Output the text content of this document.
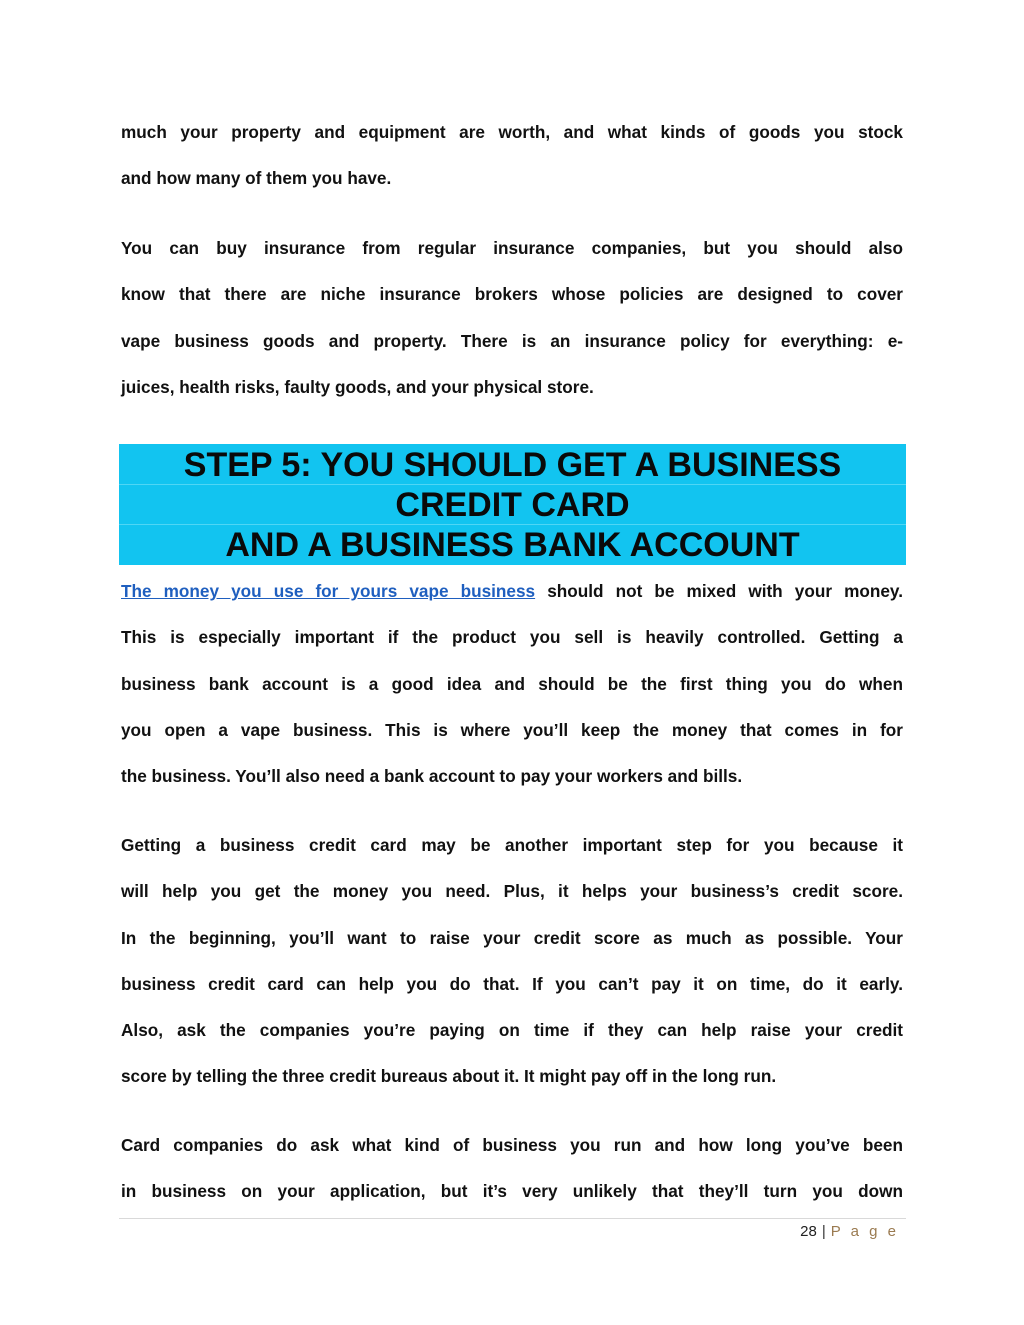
much your property and equipment are worth, and what kinds of goods you stock
and how many of them you have.
You can buy insurance from regular insurance companies, but you should also
know that there are niche insurance brokers whose policies are designed to cover
vape business goods and property. There is an insurance policy for everything: e-
juices, health risks, faulty goods, and your physical store.
STEP 5: YOU SHOULD GET A BUSINESS
CREDIT CARD
AND A BUSINESS BANK ACCOUNT
The money you use for yours vape business should not be mixed with your money.
This is especially important if the product you sell is heavily controlled. Getting a
business bank account is a good idea and should be the first thing you do when
you open a vape business. This is where you’ll keep the money that comes in for
the business. You’ll also need a bank account to pay your workers and bills.
Getting a business credit card may be another important step for you because it
will help you get the money you need. Plus, it helps your business’s credit score.
In the beginning, you’ll want to raise your credit score as much as possible. Your
business credit card can help you do that. If you can’t pay it on time, do it early.
Also, ask the companies you’re paying on time if they can help raise your credit
score by telling the three credit bureaus about it. It might pay off in the long run.
Card companies do ask what kind of business you run and how long you’ve been
in business on your application, but it’s very unlikely that they’ll turn you down
28 | P a g e
